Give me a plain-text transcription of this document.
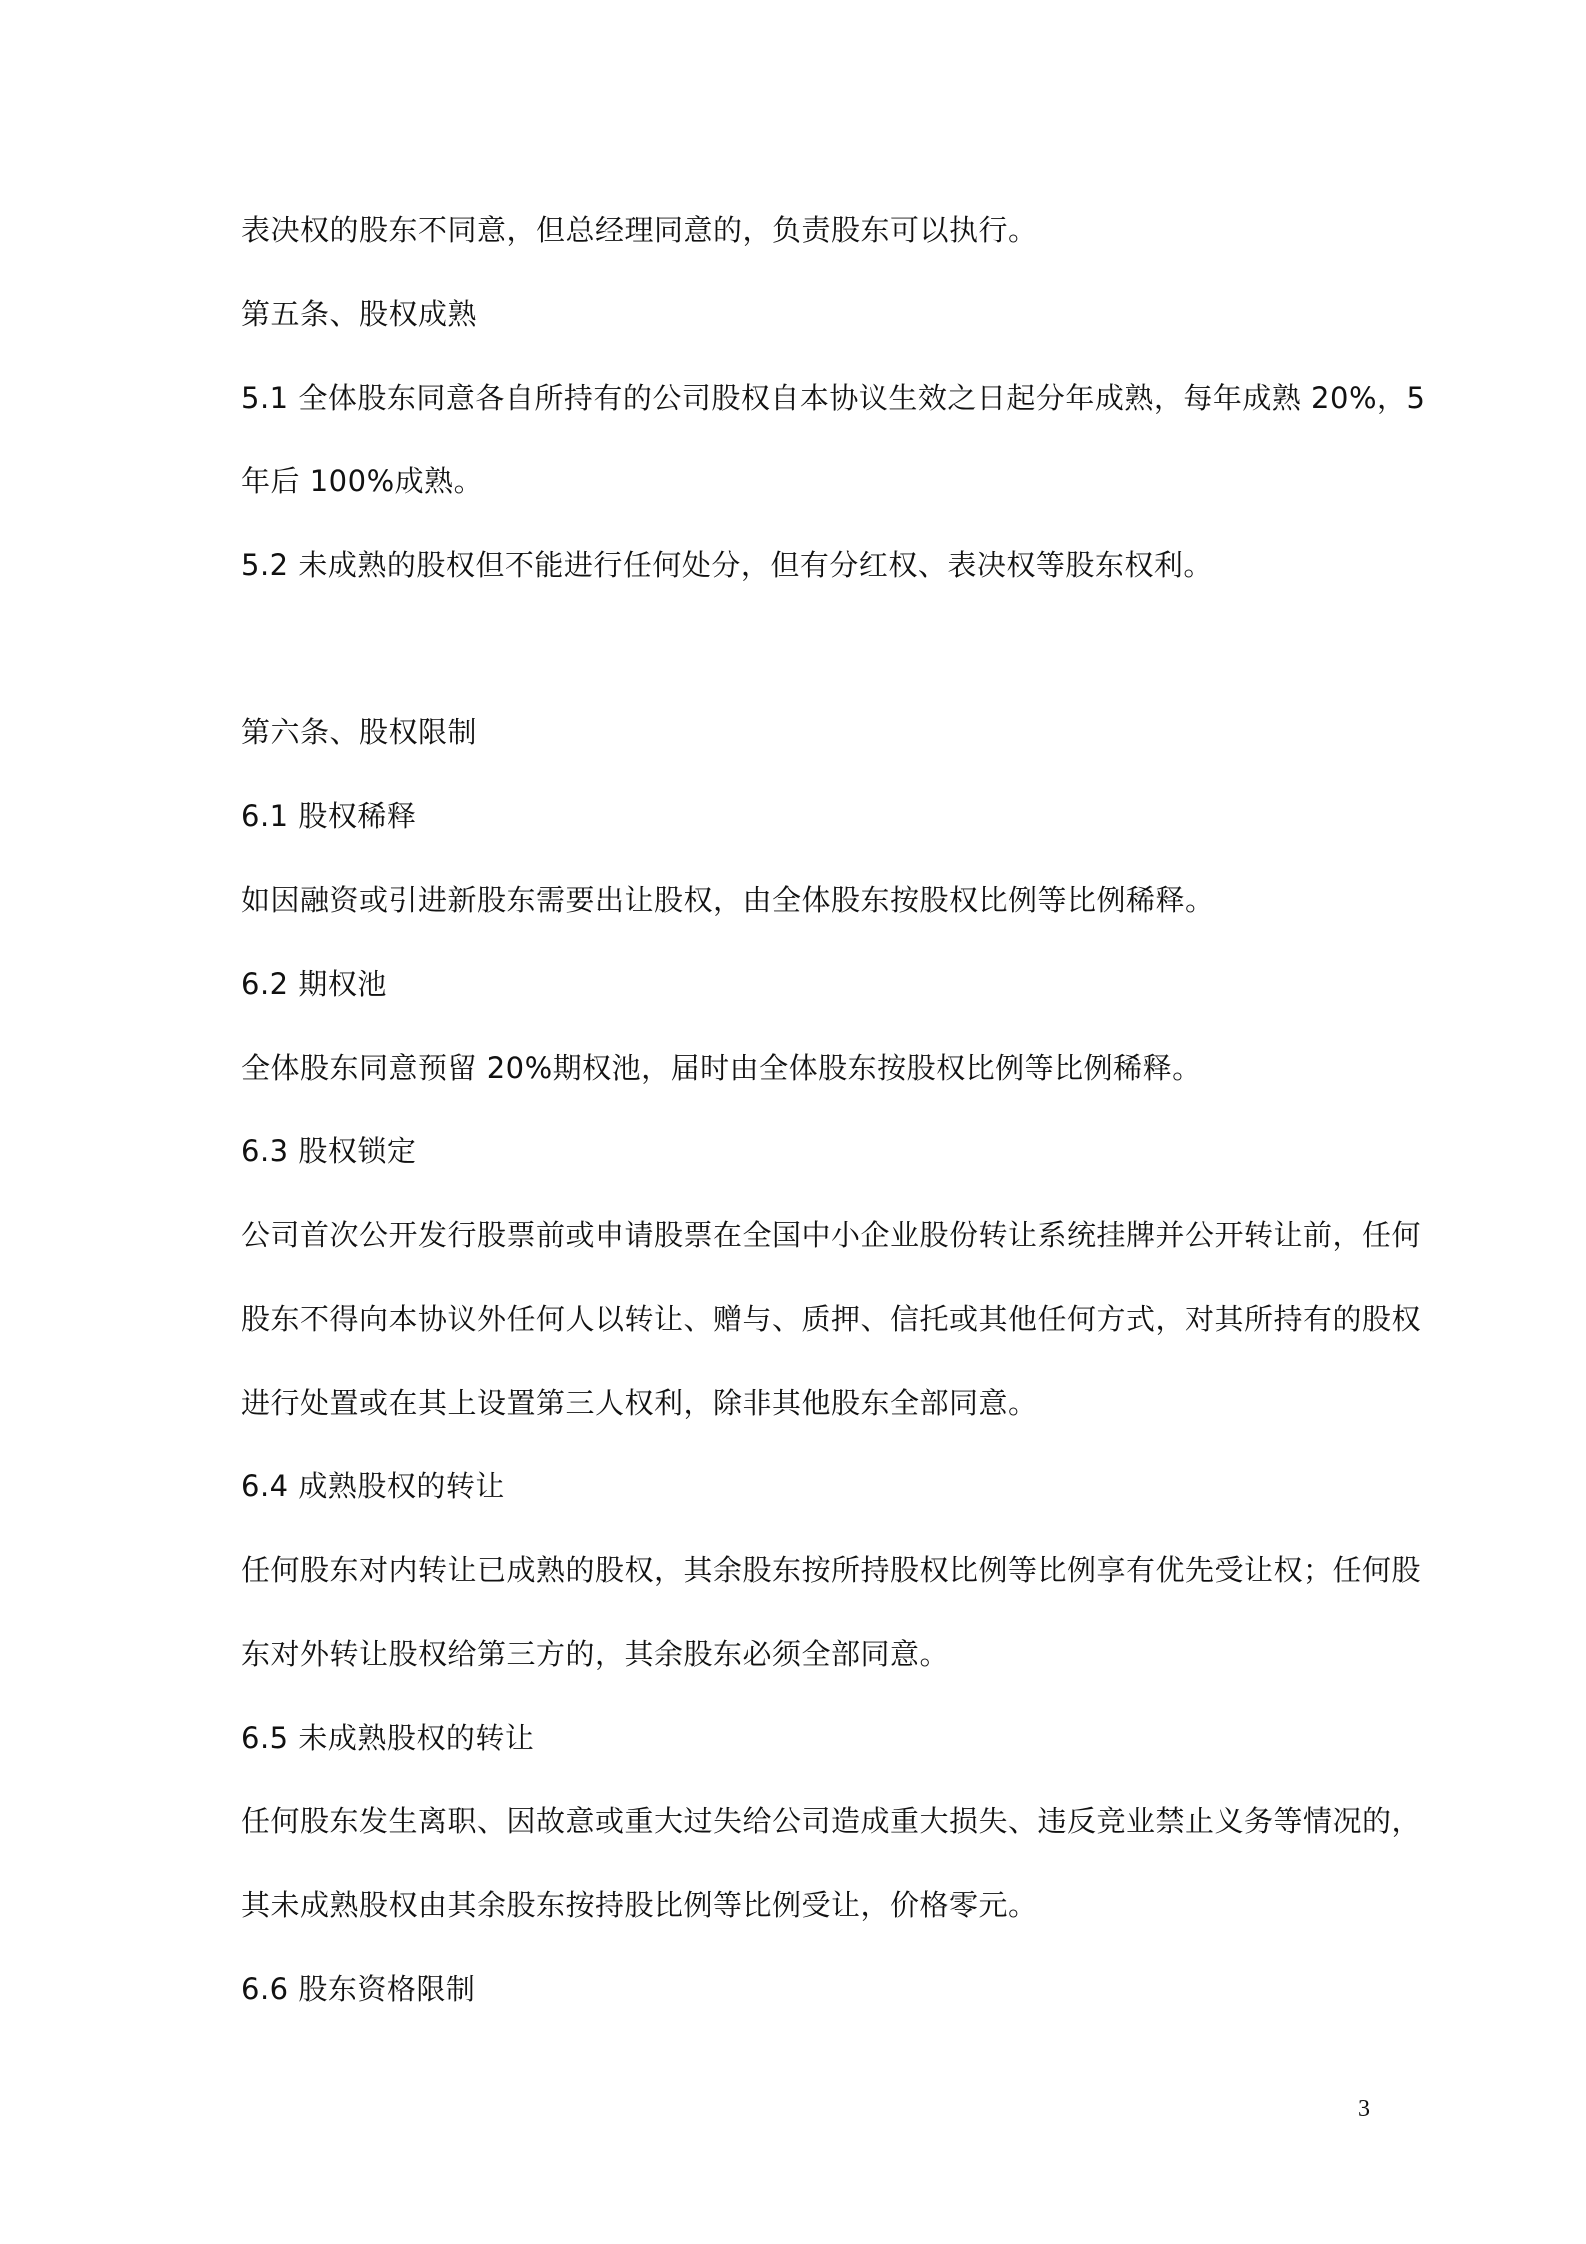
表决权的股东不同意，但总经理同意的，负责股东可以执行。
第五条、股权成熟
5.1 全体股东同意各自所持有的公司股权自本协议生效之日起分年成熟，每年成熟 20%，5
年后 100%成熟。
5.2 未成熟的股权但不能进行任何处分，但有分红权、表决权等股东权利。
第六条、股权限制
6.1 股权稀释
如因融资或引进新股东需要出让股权，由全体股东按股权比例等比例稀释。
6.2 期权池
全体股东同意预留 20%期权池，届时由全体股东按股权比例等比例稀释。
6.3 股权锁定
公司首次公开发行股票前或申请股票在全国中小企业股份转让系统挂牌并公开转让前，任何
股东不得向本协议外任何人以转让、赠与、质押、信托或其他任何方式，对其所持有的股权
进行处置或在其上设置第三人权利，除非其他股东全部同意。
6.4 成熟股权的转让
任何股东对内转让已成熟的股权，其余股东按所持股权比例等比例享有优先受让权；任何股
东对外转让股权给第三方的，其余股东必须全部同意。
6.5 未成熟股权的转让
任何股东发生离职、因故意或重大过失给公司造成重大损失、违反竞业禁止义务等情况的，
其未成熟股权由其余股东按持股比例等比例受让，价格零元。
6.6 股东资格限制
3
